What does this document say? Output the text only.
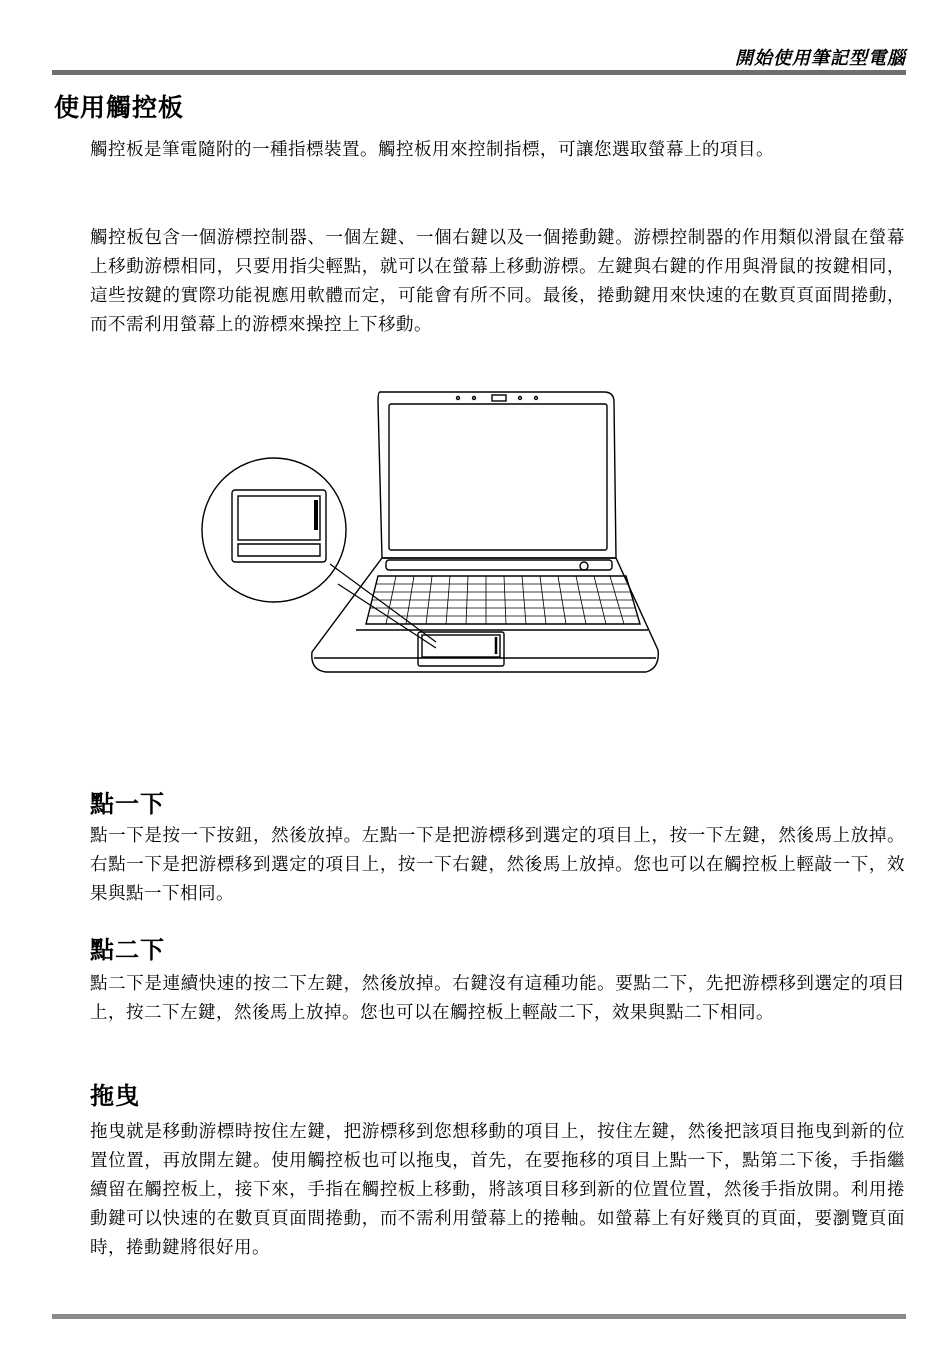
開始使用筆記型電腦
使用觸控板

觸控板是筆電隨附的一種指標裝置。觸控板用來控制指標，可讓您選取螢幕上的項目。

觸控板包含一個游標控制器、一個左鍵、一個右鍵以及一個捲動鍵。游標控制器的作用類似滑鼠在螢幕上移動游標相同，只要用指尖輕點，就可以在螢幕上移動游標。左鍵與右鍵的作用與滑鼠的按鍵相同，這些按鍵的實際功能視應用軟體而定，可能會有所不同。最後，捲動鍵用來快速的在數頁頁面間捲動，而不需利用螢幕上的游標來操控上下移動。

點一下

點一下是按一下按鈕，然後放掉。左點一下是把游標移到選定的項目上，按一下左鍵，然後馬上放掉。右點一下是把游標移到選定的項目上，按一下右鍵，然後馬上放掉。您也可以在觸控板上輕敲一下，效果與點一下相同。

點二下

點二下是連續快速的按二下左鍵，然後放掉。右鍵沒有這種功能。要點二下，先把游標移到選定的項目上，按二下左鍵，然後馬上放掉。您也可以在觸控板上輕敲二下，效果與點二下相同。

拖曳

拖曳就是移動游標時按住左鍵，把游標移到您想移動的項目上，按住左鍵，然後把該項目拖曳到新的位置位置，再放開左鍵。使用觸控板也可以拖曳，首先，在要拖移的項目上點一下，點第二下後，手指繼續留在觸控板上，接下來，手指在觸控板上移動，將該項目移到新的位置位置，然後手指放開。利用捲動鍵可以快速的在數頁頁面間捲動，而不需利用螢幕上的捲軸。如螢幕上有好幾頁的頁面，要瀏覽頁面時，捲動鍵將很好用。
